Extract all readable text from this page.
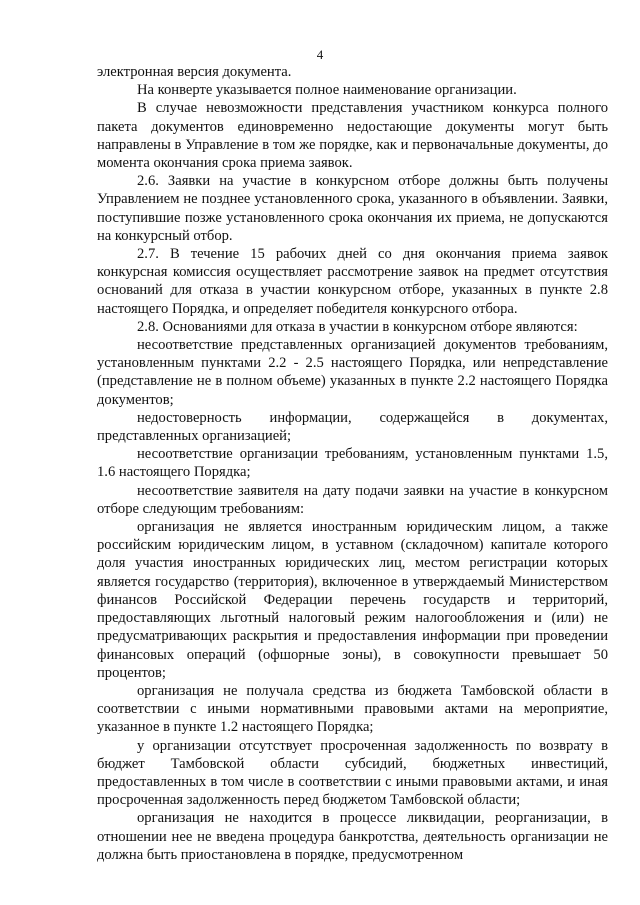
4

электронная версия документа.

На конверте указывается полное наименование организации.

В случае невозможности представления участником конкурса полного пакета документов единовременно недостающие документы могут быть направлены в Управление в том же порядке, как и первоначальные документы, до момента окончания срока приема заявок.

2.6. Заявки на участие в конкурсном отборе должны быть получены Управлением не позднее установленного срока, указанного в объявлении. Заявки, поступившие позже установленного срока окончания их приема, не допускаются на конкурсный отбор.

2.7. В течение 15 рабочих дней со дня окончания приема заявок конкурсная комиссия осуществляет рассмотрение заявок на предмет отсутствия оснований для отказа в участии конкурсном отборе, указанных в пункте 2.8 настоящего Порядка, и определяет победителя конкурсного отбора.

2.8. Основаниями для отказа в участии в конкурсном отборе являются:

несоответствие представленных организацией документов требованиям, установленным пунктами 2.2 - 2.5 настоящего Порядка, или непредставление (представление не в полном объеме) указанных в пункте 2.2 настоящего Порядка документов;

недостоверность информации, содержащейся в документах, представленных организацией;

несоответствие организации требованиям, установленным пунктами 1.5, 1.6 настоящего Порядка;

несоответствие заявителя на дату подачи заявки на участие в конкурсном отборе следующим требованиям:

организация не является иностранным юридическим лицом, а также российским юридическим лицом, в уставном (складочном) капитале которого доля участия иностранных юридических лиц, местом регистрации которых является государство (территория), включенное в утверждаемый Министерством финансов Российской Федерации перечень государств и территорий, предоставляющих льготный налоговый режим налогообложения и (или) не предусматривающих раскрытия и предоставления информации при проведении финансовых операций (офшорные зоны), в совокупности превышает 50 процентов;

организация не получала средства из бюджета Тамбовской области в соответствии с иными нормативными правовыми актами на мероприятие, указанное в пункте 1.2 настоящего Порядка;

у организации отсутствует просроченная задолженность по возврату в бюджет Тамбовской области субсидий, бюджетных инвестиций, предоставленных в том числе в соответствии с иными правовыми актами, и иная просроченная задолженность перед бюджетом Тамбовской области;

организация не находится в процессе ликвидации, реорганизации, в отношении нее не введена процедура банкротства, деятельность организации не должна быть приостановлена в порядке, предусмотренном
